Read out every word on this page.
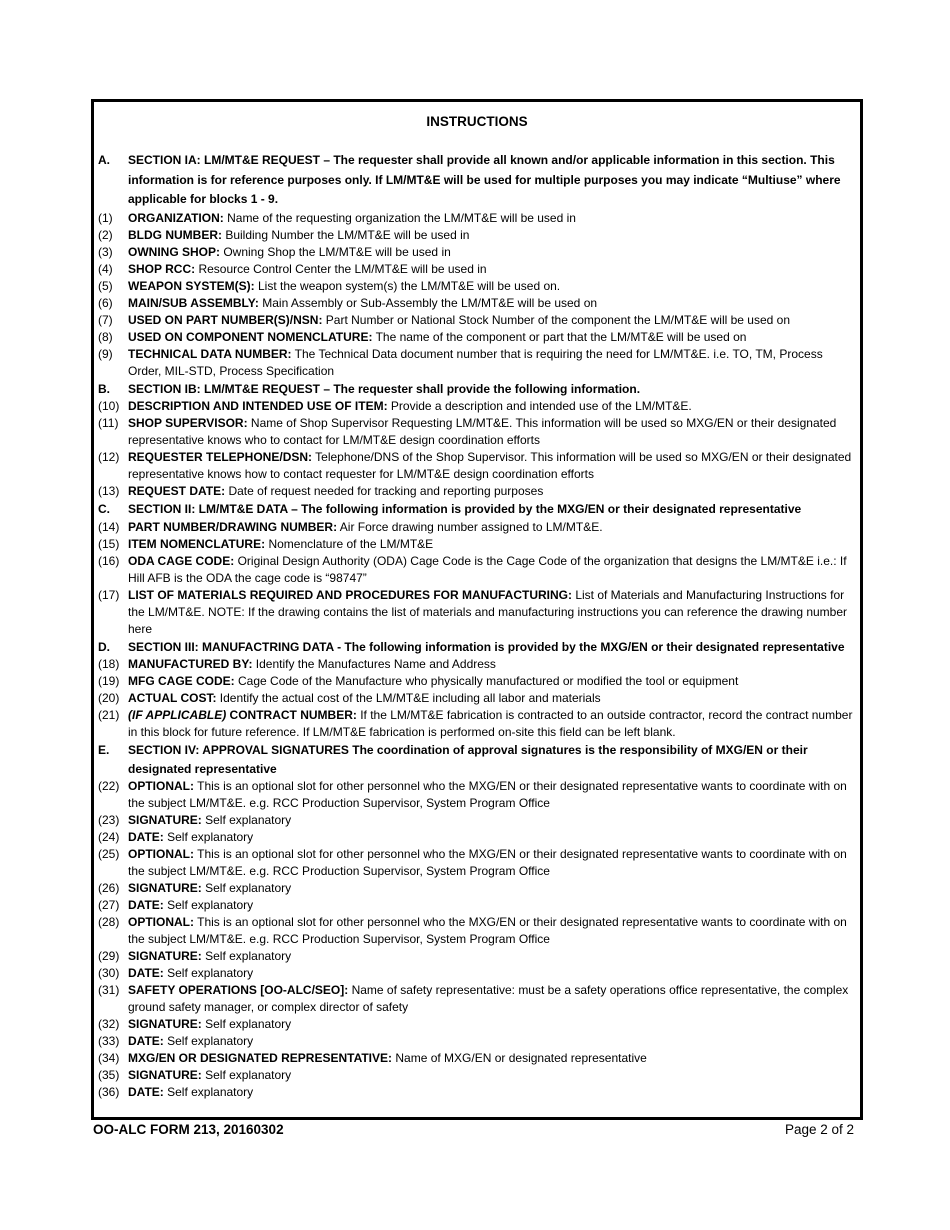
INSTRUCTIONS
A.	SECTION IA: LM/MT&E REQUEST – The requester shall provide all known and/or applicable information in this section. This information is for reference purposes only. If LM/MT&E will be used for multiple purposes you may indicate “Multiuse” where applicable for blocks 1 - 9.
(1)	ORGANIZATION: Name of the requesting organization the LM/MT&E will be used in
(2)	BLDG NUMBER: Building Number the LM/MT&E will be used in
(3)	OWNING SHOP: Owning Shop the LM/MT&E will be used in
(4)	SHOP RCC: Resource Control Center the LM/MT&E will be used in
(5)	WEAPON SYSTEM(S): List the weapon system(s) the LM/MT&E will be used on.
(6)	MAIN/SUB ASSEMBLY: Main Assembly or Sub-Assembly the LM/MT&E will be used on
(7)	USED ON PART NUMBER(S)/NSN: Part Number or National Stock Number of the component the LM/MT&E will be used on
(8)	USED ON COMPONENT NOMENCLATURE: The name of the component or part that the LM/MT&E will be used on
(9)	TECHNICAL DATA NUMBER: The Technical Data document number that is requiring the need for LM/MT&E. i.e. TO, TM, Process Order, MIL-STD, Process Specification
B.	SECTION IB: LM/MT&E REQUEST – The requester shall provide the following information.
(10) DESCRIPTION AND INTENDED USE OF ITEM: Provide a description and intended use of the LM/MT&E.
(11) SHOP SUPERVISOR: Name of Shop Supervisor Requesting LM/MT&E. This information will be used so MXG/EN or their designated representative knows who to contact for LM/MT&E design coordination efforts
(12) REQUESTER TELEPHONE/DSN: Telephone/DNS of the Shop Supervisor. This information will be used so MXG/EN or their designated representative knows how to contact requester for LM/MT&E design coordination efforts
(13) REQUEST DATE: Date of request needed for tracking and reporting purposes
C.	SECTION II: LM/MT&E DATA – The following information is provided by the MXG/EN or their designated representative
(14) PART NUMBER/DRAWING NUMBER: Air Force drawing number assigned to LM/MT&E.
(15) ITEM NOMENCLATURE: Nomenclature of the LM/MT&E
(16) ODA CAGE CODE: Original Design Authority (ODA) Cage Code is the Cage Code of the organization that designs the LM/MT&E i.e.: If Hill AFB is the ODA the cage code is “98747”
(17) LIST OF MATERIALS REQUIRED AND PROCEDURES FOR MANUFACTURING: List of Materials and Manufacturing Instructions for the LM/MT&E. NOTE: If the drawing contains the list of materials and manufacturing instructions you can reference the drawing number here
D.	SECTION III: MANUFACTRING DATA - The following information is provided by the MXG/EN or their designated representative
(18) MANUFACTURED BY: Identify the Manufactures Name and Address
(19) MFG CAGE CODE: Cage Code of the Manufacture who physically manufactured or modified the tool or equipment
(20) ACTUAL COST: Identify the actual cost of the LM/MT&E including all labor and materials
(21) (IF APPLICABLE) CONTRACT NUMBER: If the LM/MT&E fabrication is contracted to an outside contractor, record the contract number in this block for future reference. If LM/MT&E fabrication is performed on-site this field can be left blank.
E.	SECTION IV: APPROVAL SIGNATURES The coordination of approval signatures is the responsibility of MXG/EN or their designated representative
(22) OPTIONAL: This is an optional slot for other personnel who the MXG/EN or their designated representative wants to coordinate with on the subject LM/MT&E. e.g. RCC Production Supervisor, System Program Office
(23) SIGNATURE: Self explanatory
(24) DATE: Self explanatory
(25) OPTIONAL: This is an optional slot for other personnel who the MXG/EN or their designated representative wants to coordinate with on the subject LM/MT&E. e.g. RCC Production Supervisor, System Program Office
(26) SIGNATURE: Self explanatory
(27) DATE: Self explanatory
(28) OPTIONAL: This is an optional slot for other personnel who the MXG/EN or their designated representative wants to coordinate with on the subject LM/MT&E. e.g. RCC Production Supervisor, System Program Office
(29) SIGNATURE: Self explanatory
(30) DATE: Self explanatory
(31) SAFETY OPERATIONS [OO-ALC/SEO]: Name of safety representative: must be a safety operations office representative, the complex ground safety manager, or complex director of safety
(32) SIGNATURE: Self explanatory
(33) DATE: Self explanatory
(34) MXG/EN OR DESIGNATED REPRESENTATIVE: Name of MXG/EN or designated representative
(35) SIGNATURE: Self explanatory
(36) DATE: Self explanatory
OO-ALC FORM 213, 20160302	Page 2 of 2
